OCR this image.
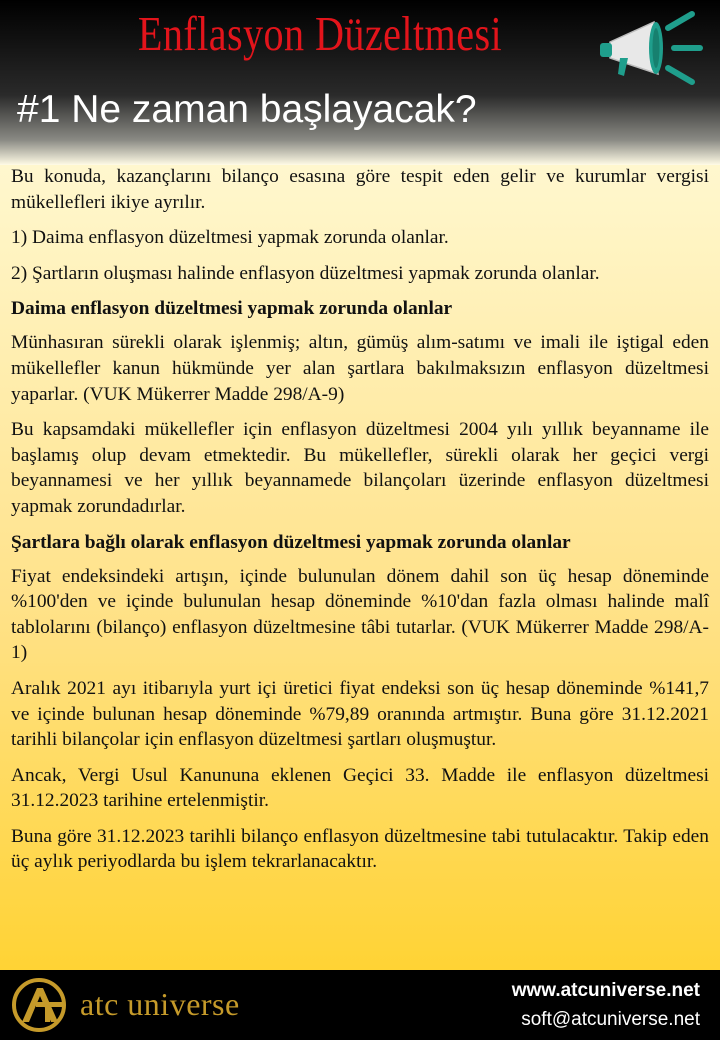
Enflasyon Düzeltmesi
#1 Ne zaman başlayacak?

Bu konuda, kazançlarını bilanço esasına göre tespit eden gelir ve kurumlar vergisi mükellefleri ikiye ayrılır.

1) Daima enflasyon düzeltmesi yapmak zorunda olanlar.

2) Şartların oluşması halinde enflasyon düzeltmesi yapmak zorunda olanlar.

Daima enflasyon düzeltmesi yapmak zorunda olanlar

Münhasıran sürekli olarak işlenmiş; altın, gümüş alım-satımı ve imali ile iştigal eden mükellefler kanun hükmünde yer alan şartlara bakılmaksızın enflasyon düzeltmesi yaparlar. (VUK Mükerrer Madde 298/A-9)

Bu kapsamdaki mükellefler için enflasyon düzeltmesi 2004 yılı yıllık beyanname ile başlamış olup devam etmektedir. Bu mükellefler, sürekli olarak her geçici vergi beyannamesi ve her yıllık beyannamede bilançoları üzerinde enflasyon düzeltmesi yapmak zorundadırlar.

Şartlara bağlı olarak enflasyon düzeltmesi yapmak zorunda olanlar

Fiyat endeksindeki artışın, içinde bulunulan dönem dahil son üç hesap döneminde %100'den ve içinde bulunulan hesap döneminde %10'dan fazla olması halinde malî tablolarını (bilanço) enflasyon düzeltmesine tâbi tutarlar. (VUK Mükerrer Madde 298/A-1)

Aralık 2021 ayı itibarıyla yurt içi üretici fiyat endeksi son üç hesap döneminde %141,7 ve içinde bulunan hesap döneminde %79,89 oranında artmıştır. Buna göre 31.12.2021 tarihli bilançolar için enflasyon düzeltmesi şartları oluşmuştur.

Ancak, Vergi Usul Kanununa eklenen Geçici 33. Madde ile enflasyon düzeltmesi 31.12.2023 tarihine ertelenmiştir.

Buna göre 31.12.2023 tarihli bilanço enflasyon düzeltmesine tabi tutulacaktır. Takip eden üç aylık periyodlarda bu işlem tekrarlanacaktır.

atc universe	www.atcuniverse.net
soft@atcuniverse.net
